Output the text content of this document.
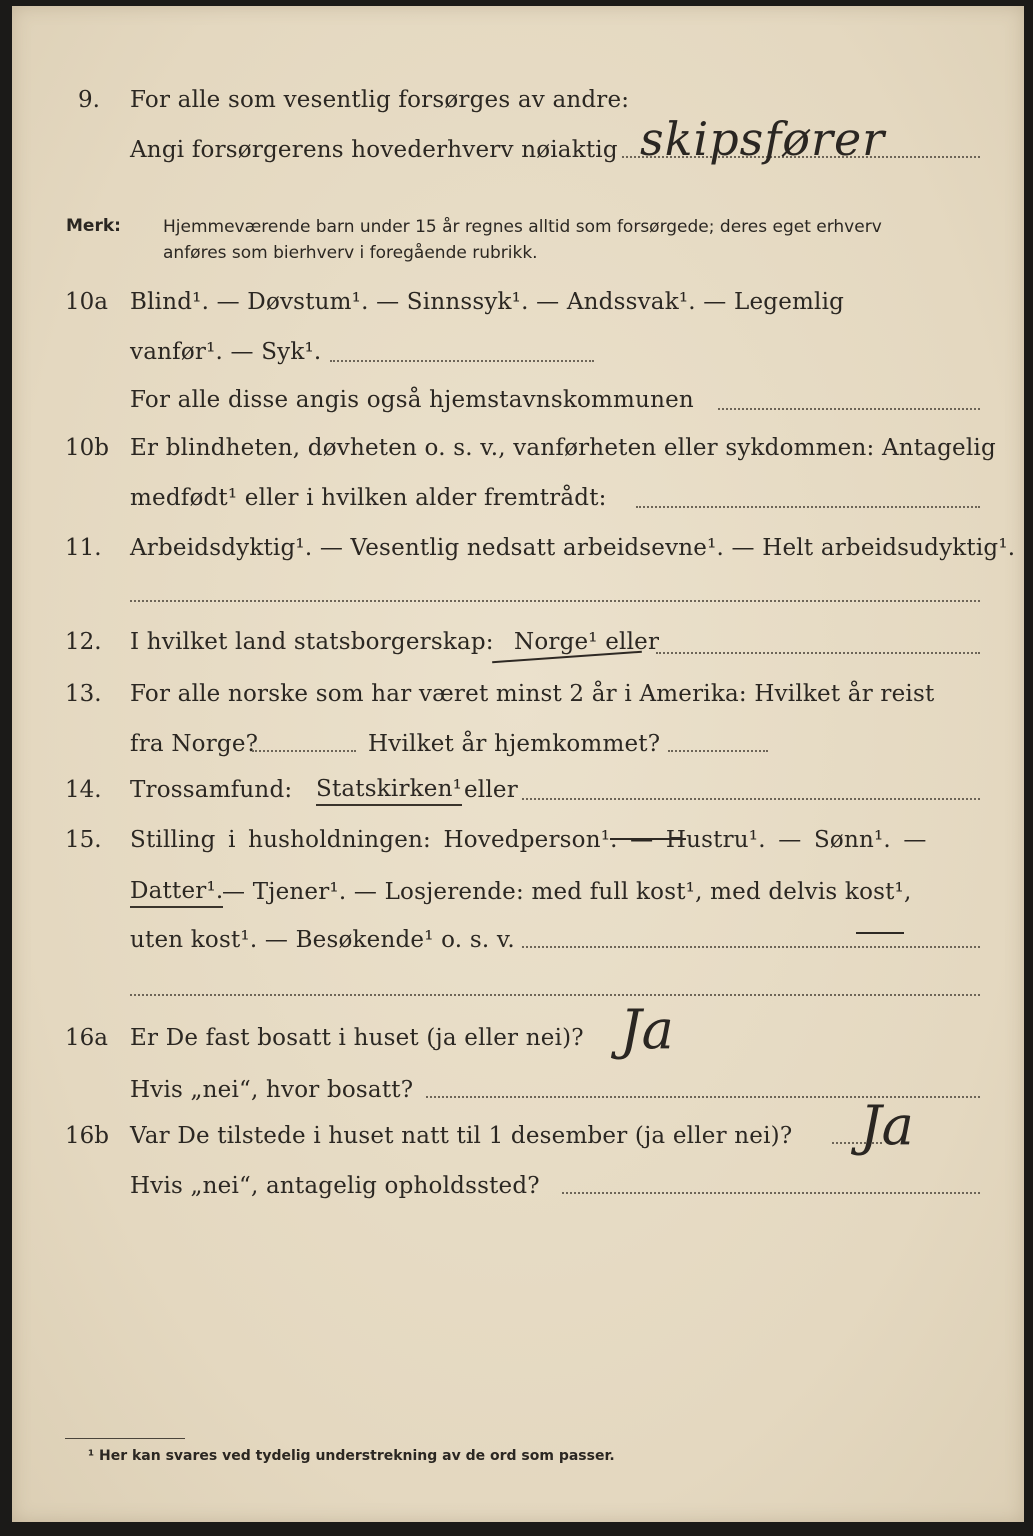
9. For alle som vesentlig forsørges av andre:
Angi forsørgerens hovederhverv nøiaktig skipsfører
Merk: Hjemmeværende barn under 15 år regnes alltid som forsørgede; deres eget erhverv
anføres som bierhverv i foregående rubrikk.
10a Blind¹. — Døvstum¹. — Sinnssyk¹. — Andssvak¹. — Legemlig
vanfør¹. — Syk¹.
For alle disse angis også hjemstavnskommunen
10b Er blindheten, døvheten o. s. v., vanførheten eller sykdommen: Antagelig
medfødt¹ eller i hvilken alder fremtrådt:
11. Arbeidsdyktig¹. — Vesentlig nedsatt arbeidsevne¹. — Helt arbeidsudyktig¹.
12. I hvilket land statsborgerskap: Norge¹ eller
13. For alle norske som har været minst 2 år i Amerika: Hvilket år reist
fra Norge?	Hvilket år hjemkommet?
14. Trossamfund: Statskirken¹ eller
15. Stilling i husholdningen: Hovedperson¹. — Hustru¹. — Sønn¹. —
Datter¹.
— Tjener¹. — Losjerende: med full kost¹, med delvis kost¹,
uten kost¹. — Besøkende¹ o. s. v.
16a Er De fast bosatt i huset (ja eller nei)? Ja
Hvis „nei“, hvor bosatt?
16b Var De tilstede i huset natt til 1 desember (ja eller nei)? Ja
Hvis „nei“, antagelig opholdssted?
¹ Her kan svares ved tydelig understrekning av de ord som passer.
